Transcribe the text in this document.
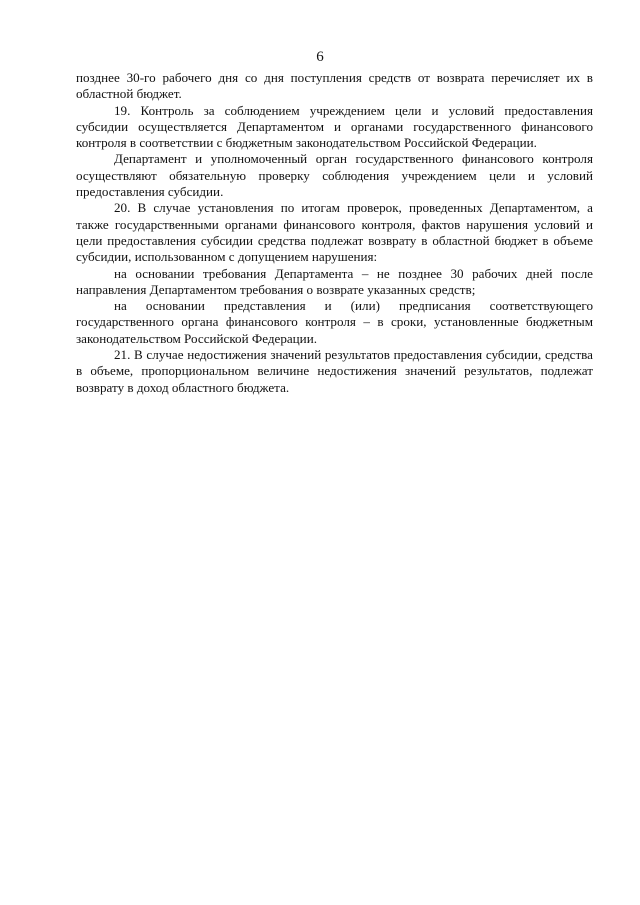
6

позднее 30-го рабочего дня со дня поступления средств от возврата перечисляет их в областной бюджет.

19. Контроль за соблюдением учреждением цели и условий предоставления субсидии осуществляется Департаментом и органами государственного финансового контроля в соответствии с бюджетным законодательством Российской Федерации.

Департамент и уполномоченный орган государственного финансового контроля осуществляют обязательную проверку соблюдения учреждением цели и условий предоставления субсидии.

20. В случае установления по итогам проверок, проведенных Департаментом, а также государственными органами финансового контроля, фактов нарушения условий и цели предоставления субсидии средства подлежат возврату в областной бюджет в объеме субсидии, использованном с допущением нарушения:

на основании требования Департамента – не позднее 30 рабочих дней после направления Департаментом требования о возврате указанных средств;

на основании представления и (или) предписания соответствующего государственного органа финансового контроля – в сроки, установленные бюджетным законодательством Российской Федерации.

21. В случае недостижения значений результатов предоставления субсидии, средства в объеме, пропорциональном величине недостижения значений результатов, подлежат возврату в доход областного бюджета.
